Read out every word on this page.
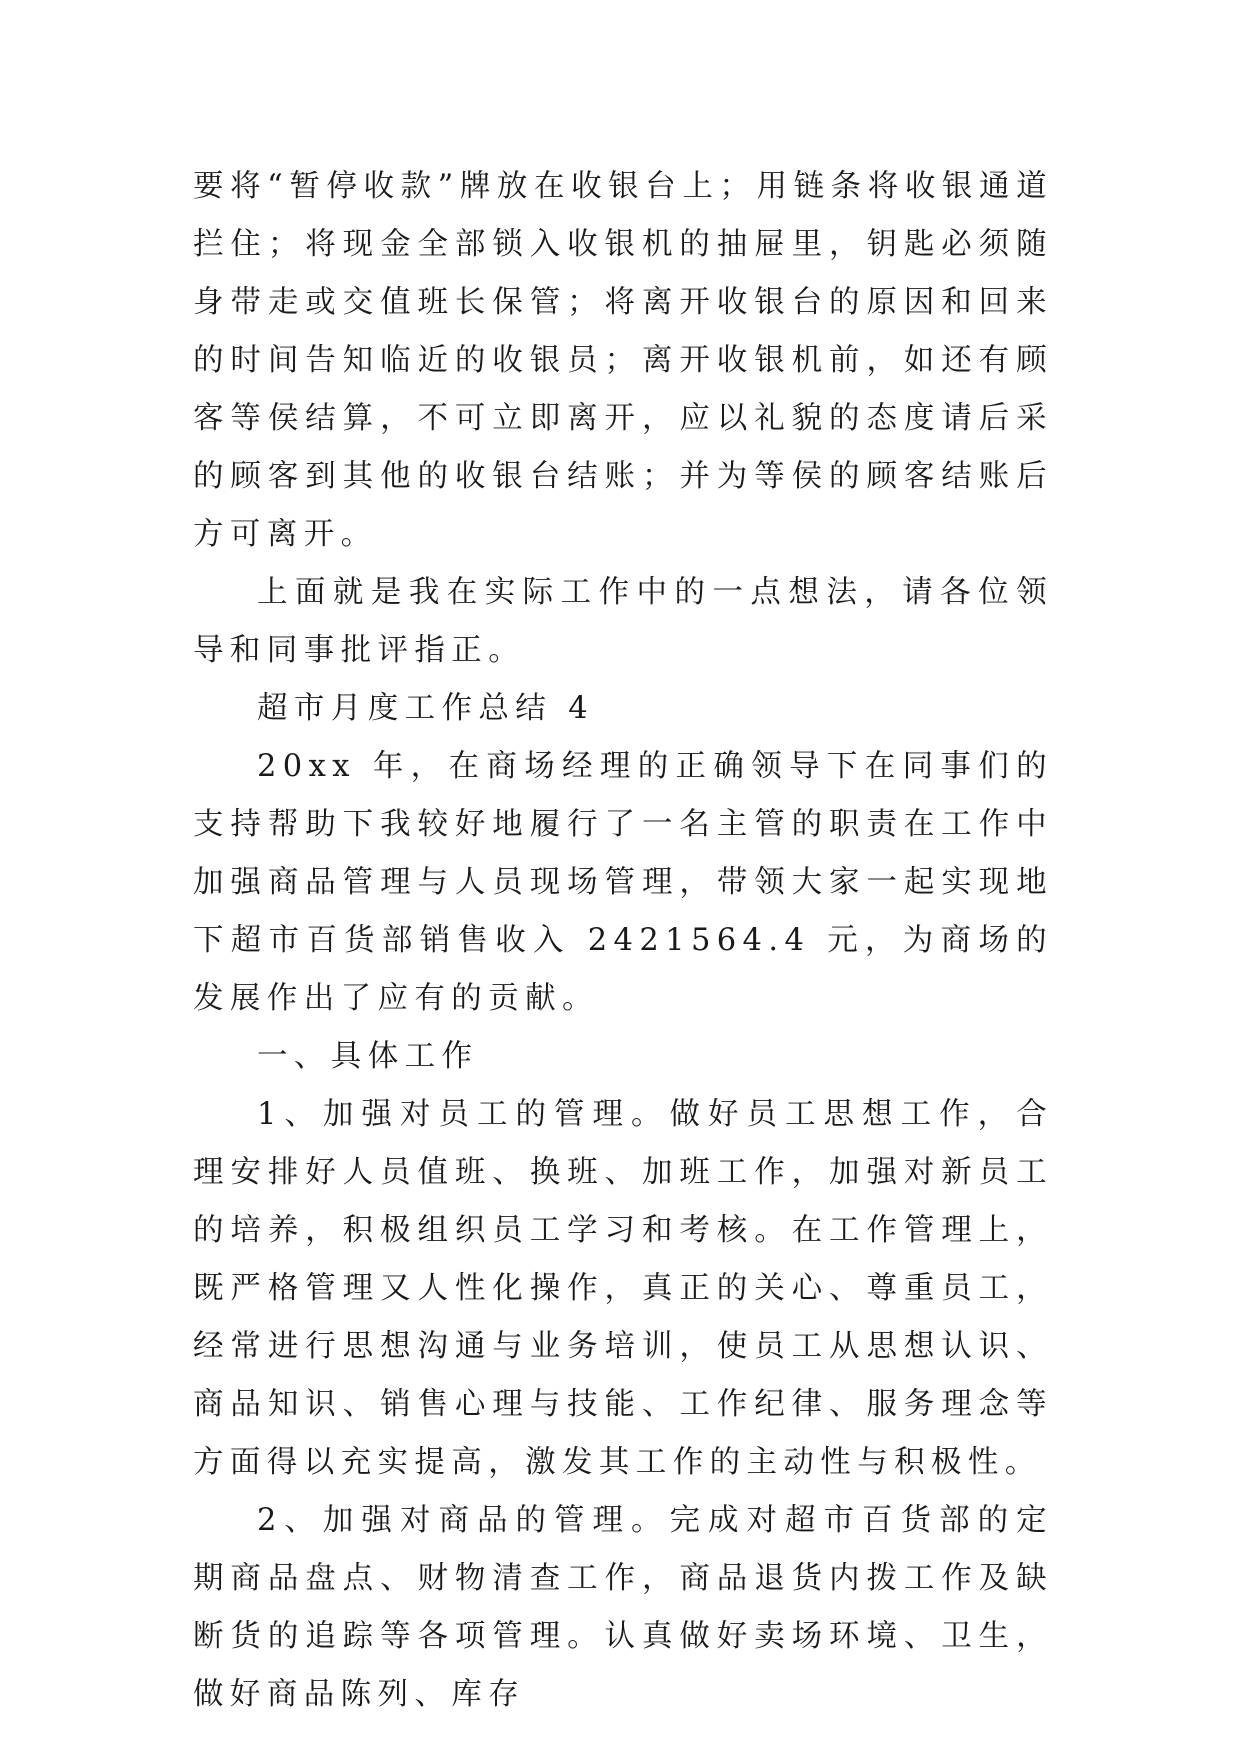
要将“暂停收款”牌放在收银台上；用链条将收银通道拦住；将现金全部锁入收银机的抽屉里，钥匙必须随身带走或交值班长保管；将离开收银台的原因和回来的时间告知临近的收银员；离开收银机前，如还有顾客等侯结算，不可立即离开，应以礼貌的态度请后采的顾客到其他的收银台结账；并为等侯的顾客结账后方可离开。

上面就是我在实际工作中的一点想法，请各位领导和同事批评指正。

超市月度工作总结 4

20xx 年，在商场经理的正确领导下在同事们的支持帮助下我较好地履行了一名主管的职责在工作中加强商品管理与人员现场管理，带领大家一起实现地下超市百货部销售收入 2421564.4 元，为商场的发展作出了应有的贡献。

一、具体工作

1、加强对员工的管理。做好员工思想工作，合理安排好人员值班、换班、加班工作，加强对新员工的培养，积极组织员工学习和考核。在工作管理上，既严格管理又人性化操作，真正的关心、尊重员工，经常进行思想沟通与业务培训，使员工从思想认识、商品知识、销售心理与技能、工作纪律、服务理念等方面得以充实提高，激发其工作的主动性与积极性。

2、加强对商品的管理。完成对超市百货部的定期商品盘点、财物清查工作，商品退货内拨工作及缺断货的追踪等各项管理。认真做好卖场环境、卫生，做好商品陈列、库存
